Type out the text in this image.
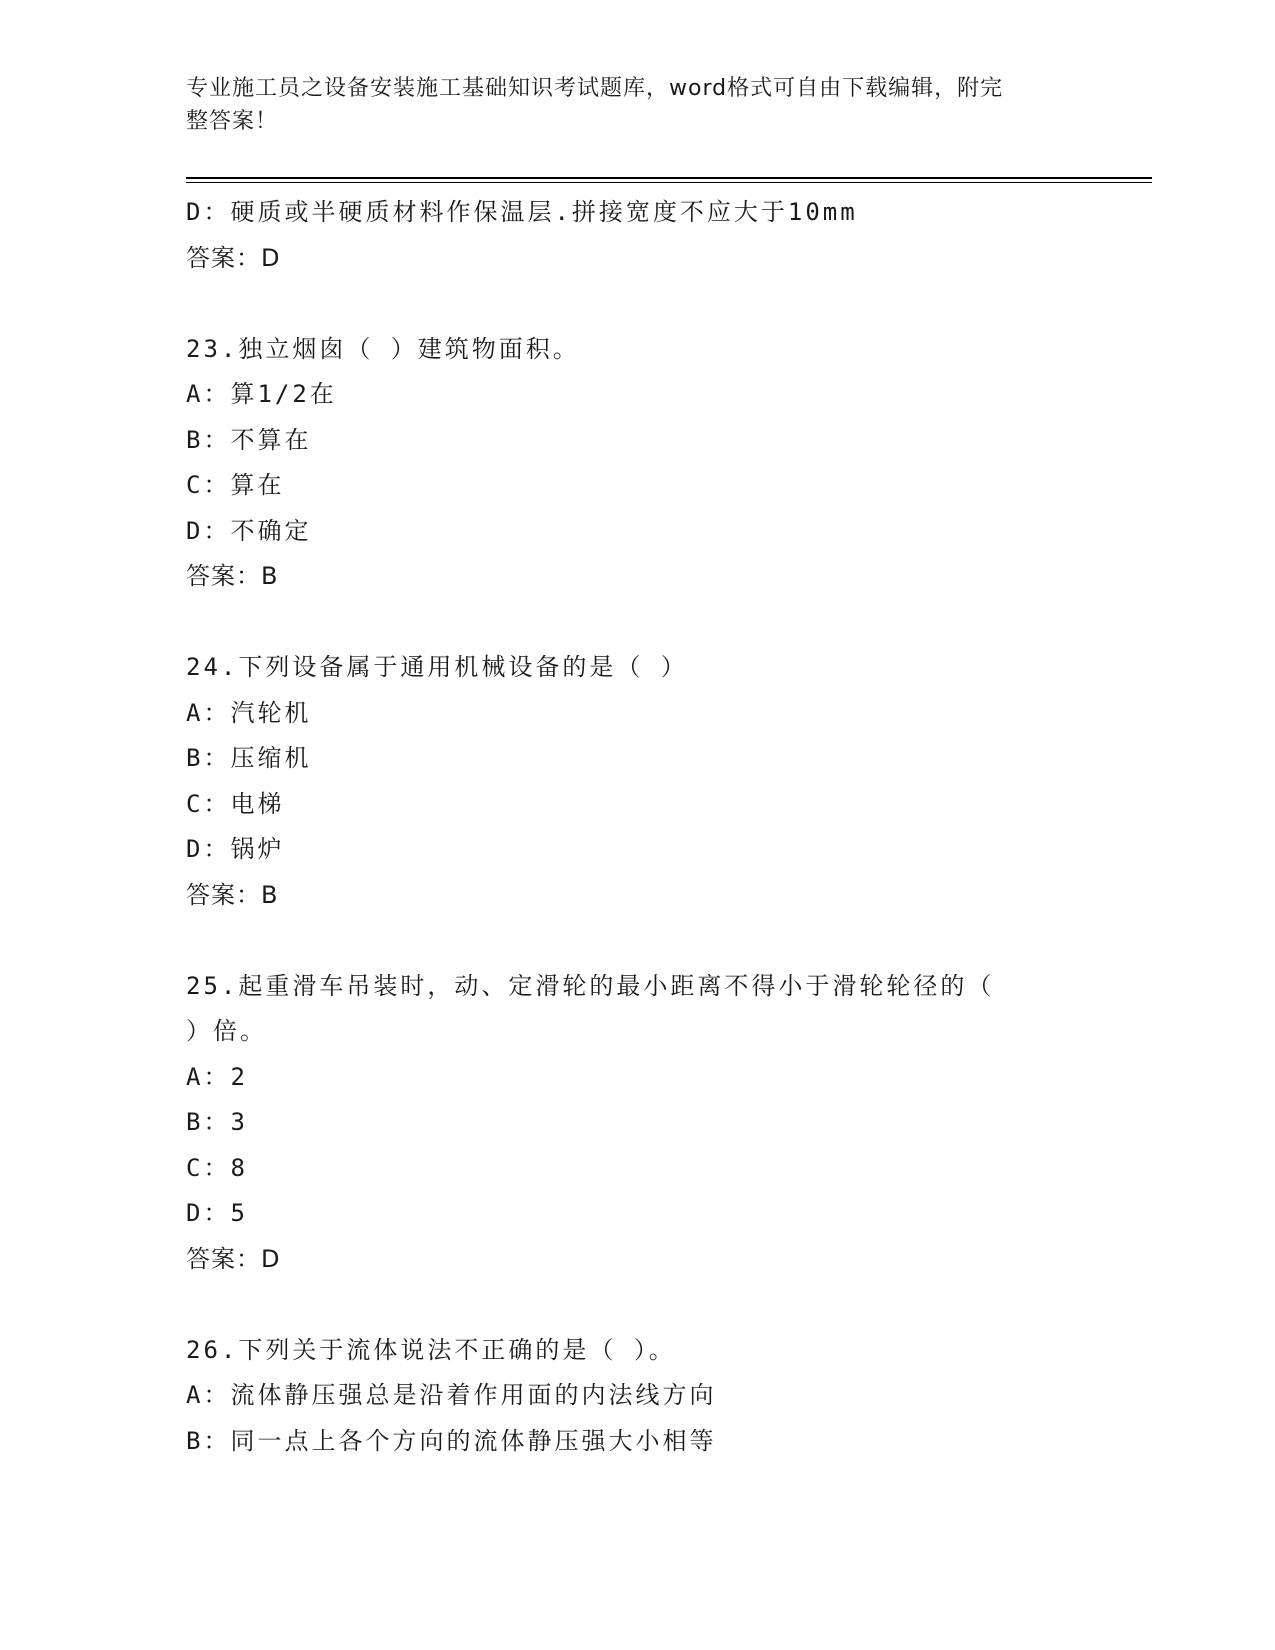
专业施工员之设备安装施工基础知识考试题库，word格式可自由下载编辑，附完
整答案！
D：硬质或半硬质材料作保温层.拼接宽度不应大于10mm
答案：D
23.独立烟囱（ ）建筑物面积。
A：算1/2在
B：不算在
C：算在
D：不确定
答案：B
24.下列设备属于通用机械设备的是（ ）
A：汽轮机
B：压缩机
C：电梯
D：锅炉
答案：B
25.起重滑车吊装时，动、定滑轮的最小距离不得小于滑轮轮径的（
）倍。
A：2
B：3
C：8
D：5
答案：D
26.下列关于流体说法不正确的是（ ）。
A：流体静压强总是沿着作用面的内法线方向
B：同一点上各个方向的流体静压强大小相等
